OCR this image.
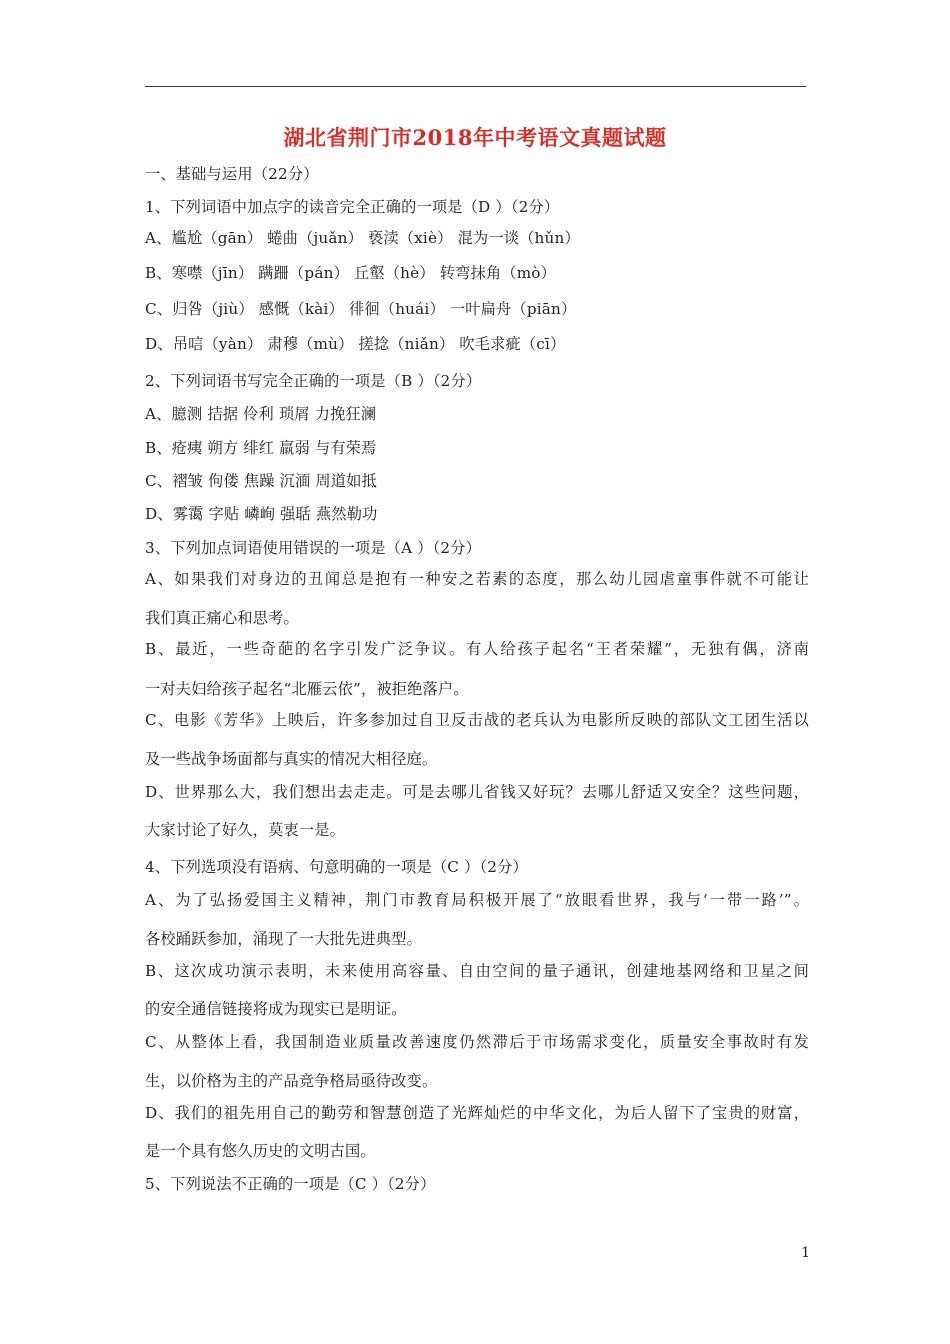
湖北省荆门市2018年中考语文真题试题
一、基础与运用（22分）
1、下列词语中加点字的读音完全正确的一项是（D ）（2分）
A、尴尬（gān） 蜷曲（juǎn） 亵渎（xiè） 混为一谈（hǔn）
B、寒噤（jīn） 蹒跚（pán） 丘壑（hè） 转弯抹角（mò）
C、归咎（jiù） 感慨（kài） 徘徊（huái） 一叶扁舟（piān）
D、吊唁（yàn） 肃穆（mù） 搓捻（niǎn） 吹毛求疵（cī）
2、下列词语书写完全正确的一项是（B ）（2分）
A、臆测 拮据 伶利 琐屑 力挽狂澜
B、疮痍 朔方 绯红 羸弱 与有荣焉
C、褶皱 佝偻 焦躁 沉湎 周道如抵
D、雾霭 字贴 嶙峋 强聒 燕然勒功
3、下列加点词语使用错误的一项是（A ）（2分）
A、如果我们对身边的丑闻总是抱有一种安之若素的态度，那么幼儿园虐童事件就不可能让
我们真正痛心和思考。
B、最近，一些奇葩的名字引发广泛争议。有人给孩子起名“王者荣耀”，无独有偶，济南
一对夫妇给孩子起名“北雁云依”，被拒绝落户。
C、电影《芳华》上映后，许多参加过自卫反击战的老兵认为电影所反映的部队文工团生活以
及一些战争场面都与真实的情况大相径庭。
D、世界那么大，我们想出去走走。可是去哪儿省钱又好玩？去哪儿舒适又安全？这些问题，
大家讨论了好久，莫衷一是。
4、下列选项没有语病、句意明确的一项是（C ）（2分）
A、为了弘扬爱国主义精神，荆门市教育局积极开展了“放眼看世界，我与‘一带一路’”。
各校踊跃参加，涌现了一大批先进典型。
B、这次成功演示表明，未来使用高容量、自由空间的量子通讯，创建地基网络和卫星之间
的安全通信链接将成为现实已是明证。
C、从整体上看，我国制造业质量改善速度仍然滞后于市场需求变化，质量安全事故时有发
生，以价格为主的产品竞争格局亟待改变。
D、我们的祖先用自己的勤劳和智慧创造了光辉灿烂的中华文化，为后人留下了宝贵的财富，
是一个具有悠久历史的文明古国。
5、下列说法不正确的一项是（C ）（2分）
1
